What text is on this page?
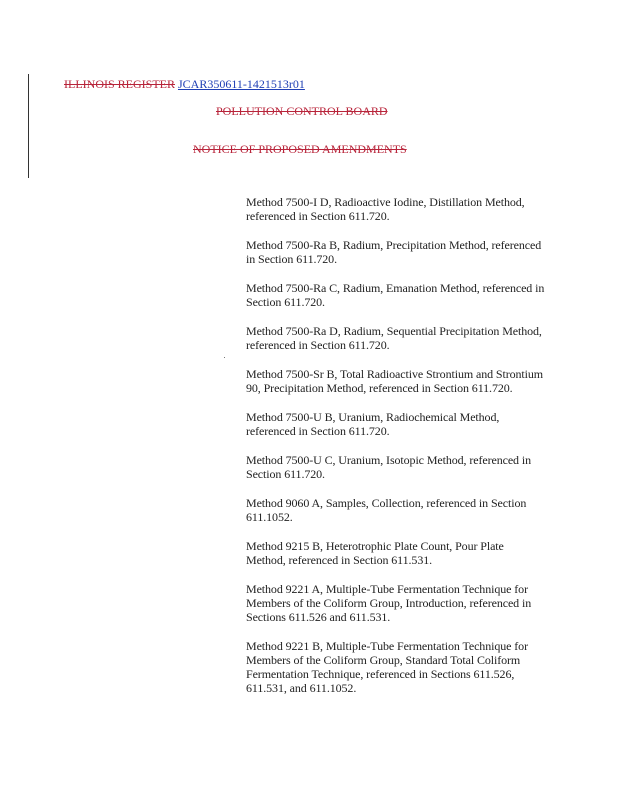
ILLINOIS REGISTER JCAR350611-1421513r01
POLLUTION CONTROL BOARD
NOTICE OF PROPOSED AMENDMENTS
Method 7500-I D, Radioactive Iodine, Distillation Method, referenced in Section 611.720.
Method 7500-Ra B, Radium, Precipitation Method, referenced in Section 611.720.
Method 7500-Ra C, Radium, Emanation Method, referenced in Section 611.720.
Method 7500-Ra D, Radium, Sequential Precipitation Method, referenced in Section 611.720.
Method 7500-Sr B, Total Radioactive Strontium and Strontium 90, Precipitation Method, referenced in Section 611.720.
Method 7500-U B, Uranium, Radiochemical Method, referenced in Section 611.720.
Method 7500-U C, Uranium, Isotopic Method, referenced in Section 611.720.
Method 9060 A, Samples, Collection, referenced in Section 611.1052.
Method 9215 B, Heterotrophic Plate Count, Pour Plate Method, referenced in Section 611.531.
Method 9221 A, Multiple-Tube Fermentation Technique for Members of the Coliform Group, Introduction, referenced in Sections 611.526 and 611.531.
Method 9221 B, Multiple-Tube Fermentation Technique for Members of the Coliform Group, Standard Total Coliform Fermentation Technique, referenced in Sections 611.526, 611.531, and 611.1052.
